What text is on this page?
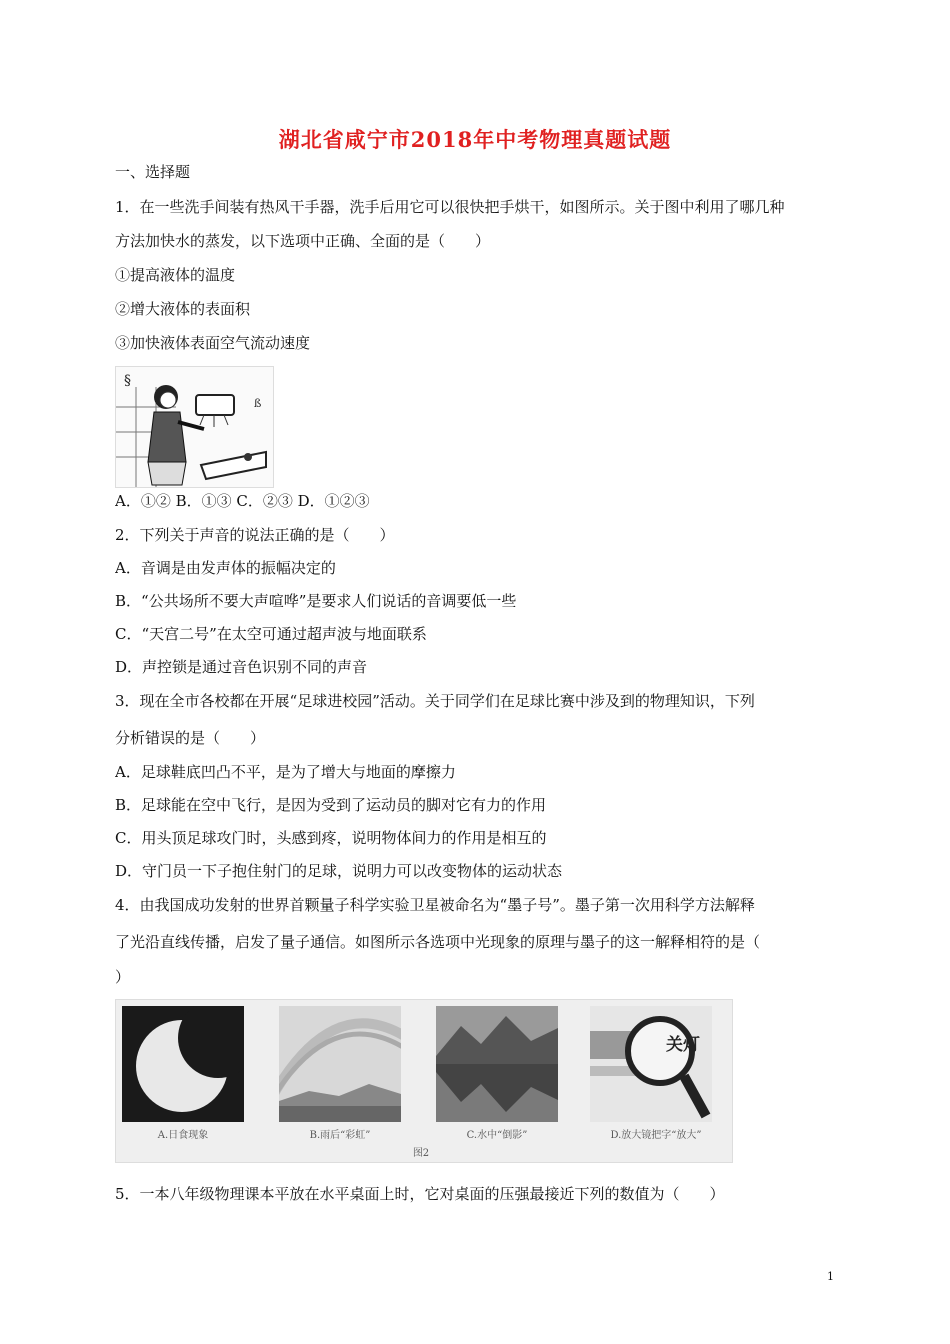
湖北省咸宁市2018年中考物理真题试题
一、选择题
1．在一些洗手间装有热风干手器，洗手后用它可以很快把手烘干，如图所示。关于图中利用了哪几种
方法加快水的蒸发，以下选项中正确、全面的是（　　）
①提高液体的温度
②增大液体的表面积
③加快液体表面空气流动速度
§
ß
A．①② B．①③ C．②③ D．①②③
2．下列关于声音的说法正确的是（　　）
A．音调是由发声体的振幅决定的
B．“公共场所不要大声喧哗”是要求人们说话的音调要低一些
C．“天宫二号”在太空可通过超声波与地面联系
D．声控锁是通过音色识别不同的声音
3．现在全市各校都在开展“足球进校园”活动。关于同学们在足球比赛中涉及到的物理知识，下列
分析错误的是（　　）
A．足球鞋底凹凸不平，是为了增大与地面的摩擦力
B．足球能在空中飞行，是因为受到了运动员的脚对它有力的作用
C．用头顶足球攻门时，头感到疼，说明物体间力的作用是相互的
D．守门员一下子抱住射门的足球，说明力可以改变物体的运动状态
4．由我国成功发射的世界首颗量子科学实验卫星被命名为“墨子号”。墨子第一次用科学方法解释
了光沿直线传播，启发了量子通信。如图所示各选项中光现象的原理与墨子的这一解释相符的是（
）
关灯
A.日食现象	B.雨后“彩虹”	C.水中“倒影”	D.放大镜把字“放大”
图2
5．一本八年级物理课本平放在水平桌面上时，它对桌面的压强最接近下列的数值为（　　）
1
